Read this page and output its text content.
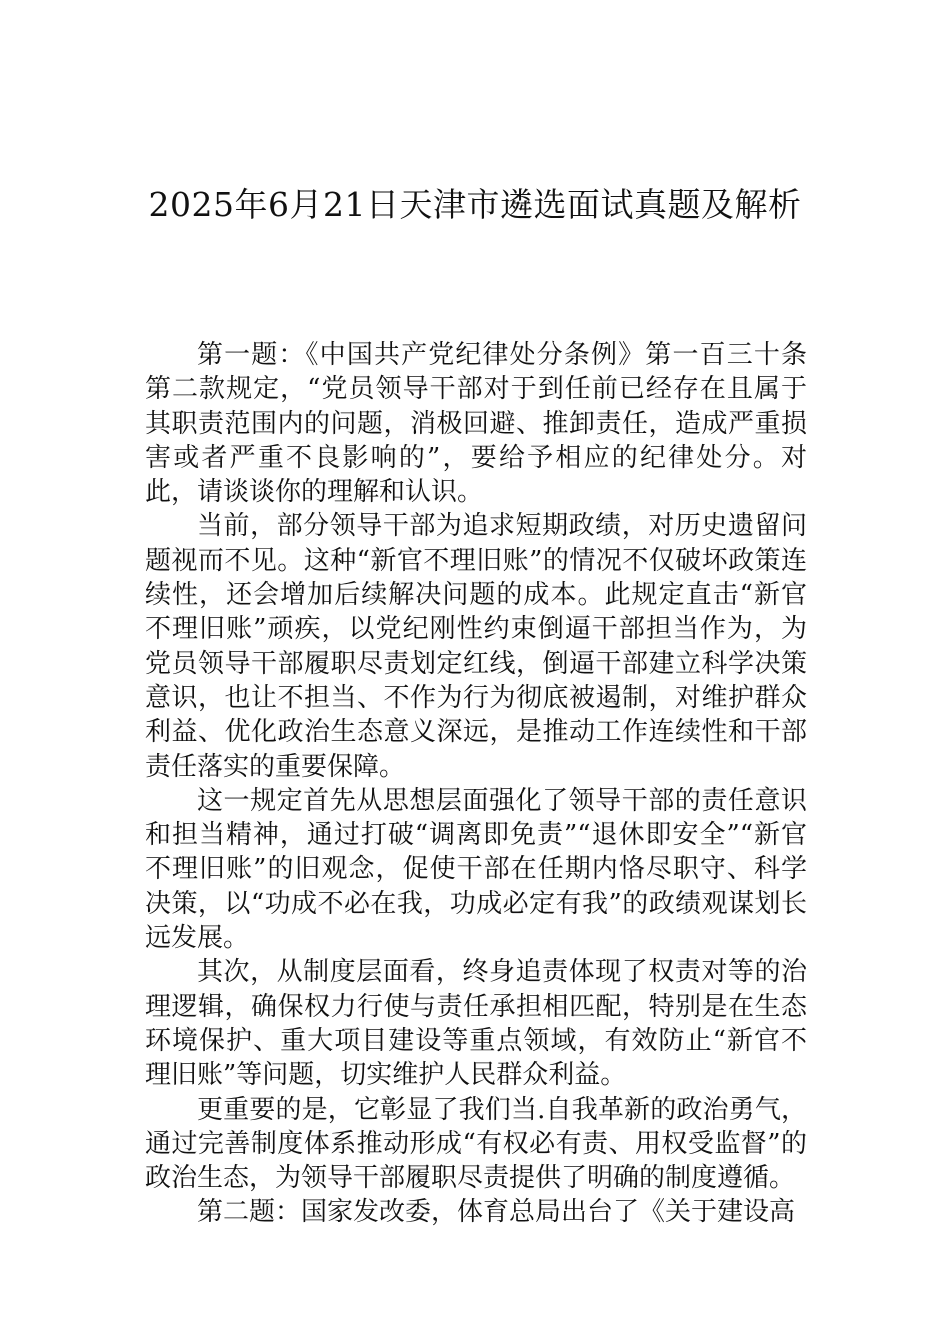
2025年6月21日天津市遴选面试真题及解析

第一题：《中国共产党纪律处分条例》第一百三十条第二款规定，“党员领导干部对于到任前已经存在且属于其职责范围内的问题，消极回避、推卸责任，造成严重损害或者严重不良影响的”，要给予相应的纪律处分。对此，请谈谈你的理解和认识。

当前，部分领导干部为追求短期政绩，对历史遗留问题视而不见。这种“新官不理旧账”的情况不仅破坏政策连续性，还会增加后续解决问题的成本。此规定直击“新官不理旧账”顽疾，以党纪刚性约束倒逼干部担当作为，为党员领导干部履职尽责划定红线，倒逼干部建立科学决策意识，也让不担当、不作为行为彻底被遏制，对维护群众利益、优化政治生态意义深远，是推动工作连续性和干部责任落实的重要保障。

这一规定首先从思想层面强化了领导干部的责任意识和担当精神，通过打破“调离即免责”“退休即安全”“新官不理旧账”的旧观念，促使干部在任期内恪尽职守、科学决策，以“功成不必在我，功成必定有我”的政绩观谋划长远发展。

其次，从制度层面看，终身追责体现了权责对等的治理逻辑，确保权力行使与责任承担相匹配，特别是在生态环境保护、重大项目建设等重点领域，有效防止“新官不理旧账”等问题，切实维护人民群众利益。

更重要的是，它彰显了我们当.自我革新的政治勇气，通过完善制度体系推动形成“有权必有责、用权受监督”的政治生态，为领导干部履职尽责提供了明确的制度遵循。

第二题：国家发改委，体育总局出台了《关于建设高
